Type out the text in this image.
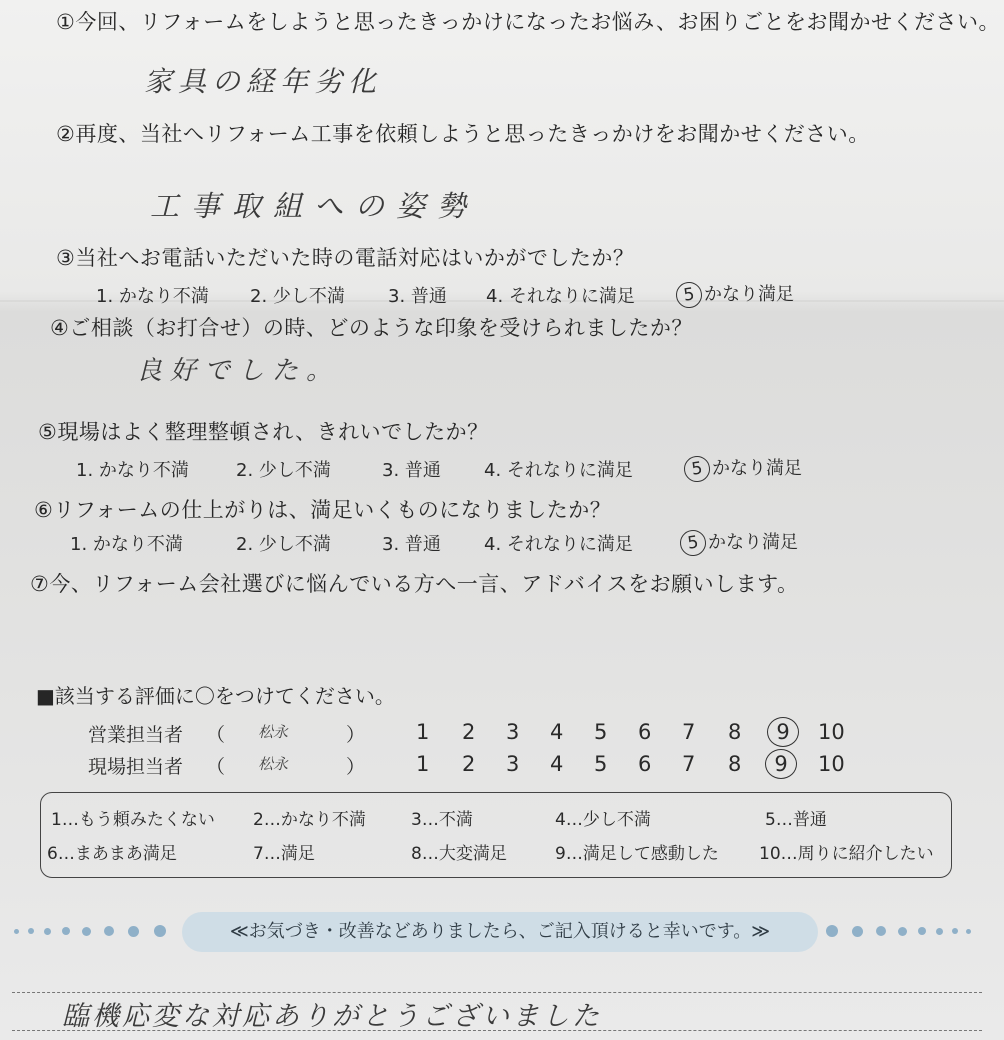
①今回、リフォームをしようと思ったきっかけになったお悩み、お困りごとをお聞かせください。
家具の経年劣化
②再度、当社へリフォーム工事を依頼しようと思ったきっかけをお聞かせください。
工事取組への姿勢
③当社へお電話いただいた時の電話対応はいかがでしたか？
1. かなり不満 2. 少し不満 3. 普通 4. それなりに満足	5 かなり満足
④ご相談（お打合せ）の時、どのような印象を受けられましたか？
良好でした。
⑤現場はよく整理整頓され、きれいでしたか？
1. かなり不満	2. 少し不満	3. 普通 4. それなりに満足	5 かなり満足
⑥リフォームの仕上がりは、満足いくものになりましたか？
1. かなり不満	2. 少し不満	3. 普通 4. それなりに満足	5 かなり満足
⑦今、リフォーム会社選びに悩んでいる方へ一言、アドバイスをお願いします。
■該当する評価に〇をつけてください。
営業担当者 （ 松永	） 1 2 3 4 5 6 7 8	9	10
現場担当者 （ 松永	） 1 2 3 4 5 6 7 8	9	10
1…もう頼みたくない 2…かなり不満	3…不満	4…少し不満	5…普通
6…まあまあ満足	7…満足	8…大変満足	9…満足して感動した 10…周りに紹介したい
≪お気づき・改善などありましたら、ご記入頂けると幸いです。≫
臨機応変な対応ありがとうございました
